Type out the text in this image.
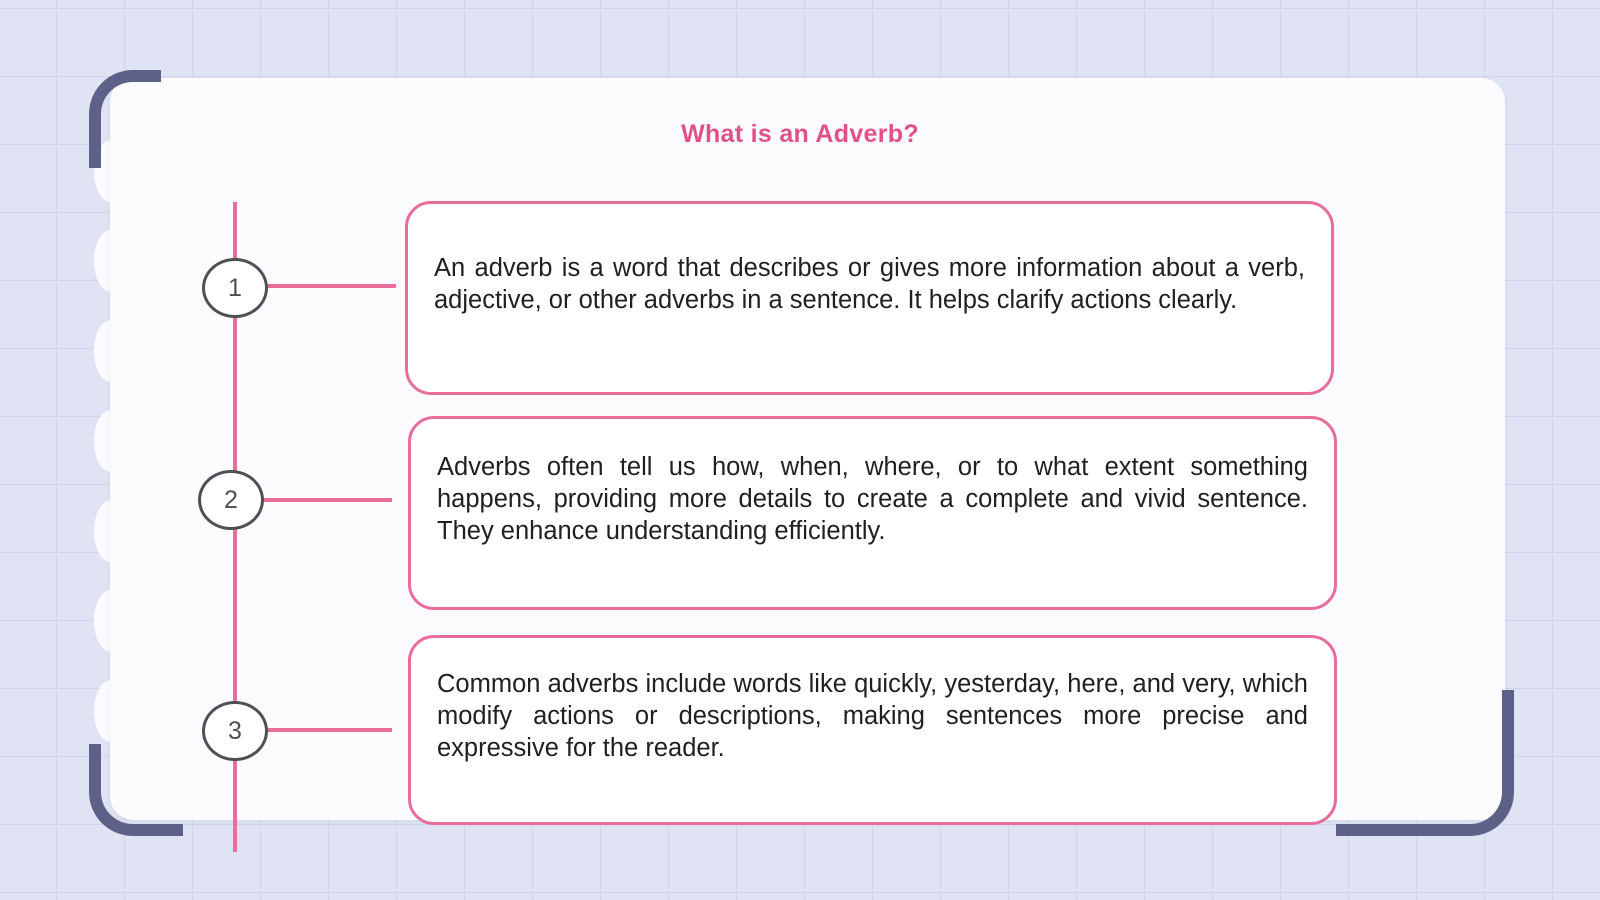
What is an Adverb?
1

An adverb is a word that describes or gives more information about a verb, adjective, or other adverbs in a sentence. It helps clarify actions clearly.

2

Adverbs often tell us how, when, where, or to what extent something happens, providing more details to create a complete and vivid sentence. They enhance understanding efficiently.

3

Common adverbs include words like quickly, yesterday, here, and very, which modify actions or descriptions, making sentences more precise and expressive for the reader.
